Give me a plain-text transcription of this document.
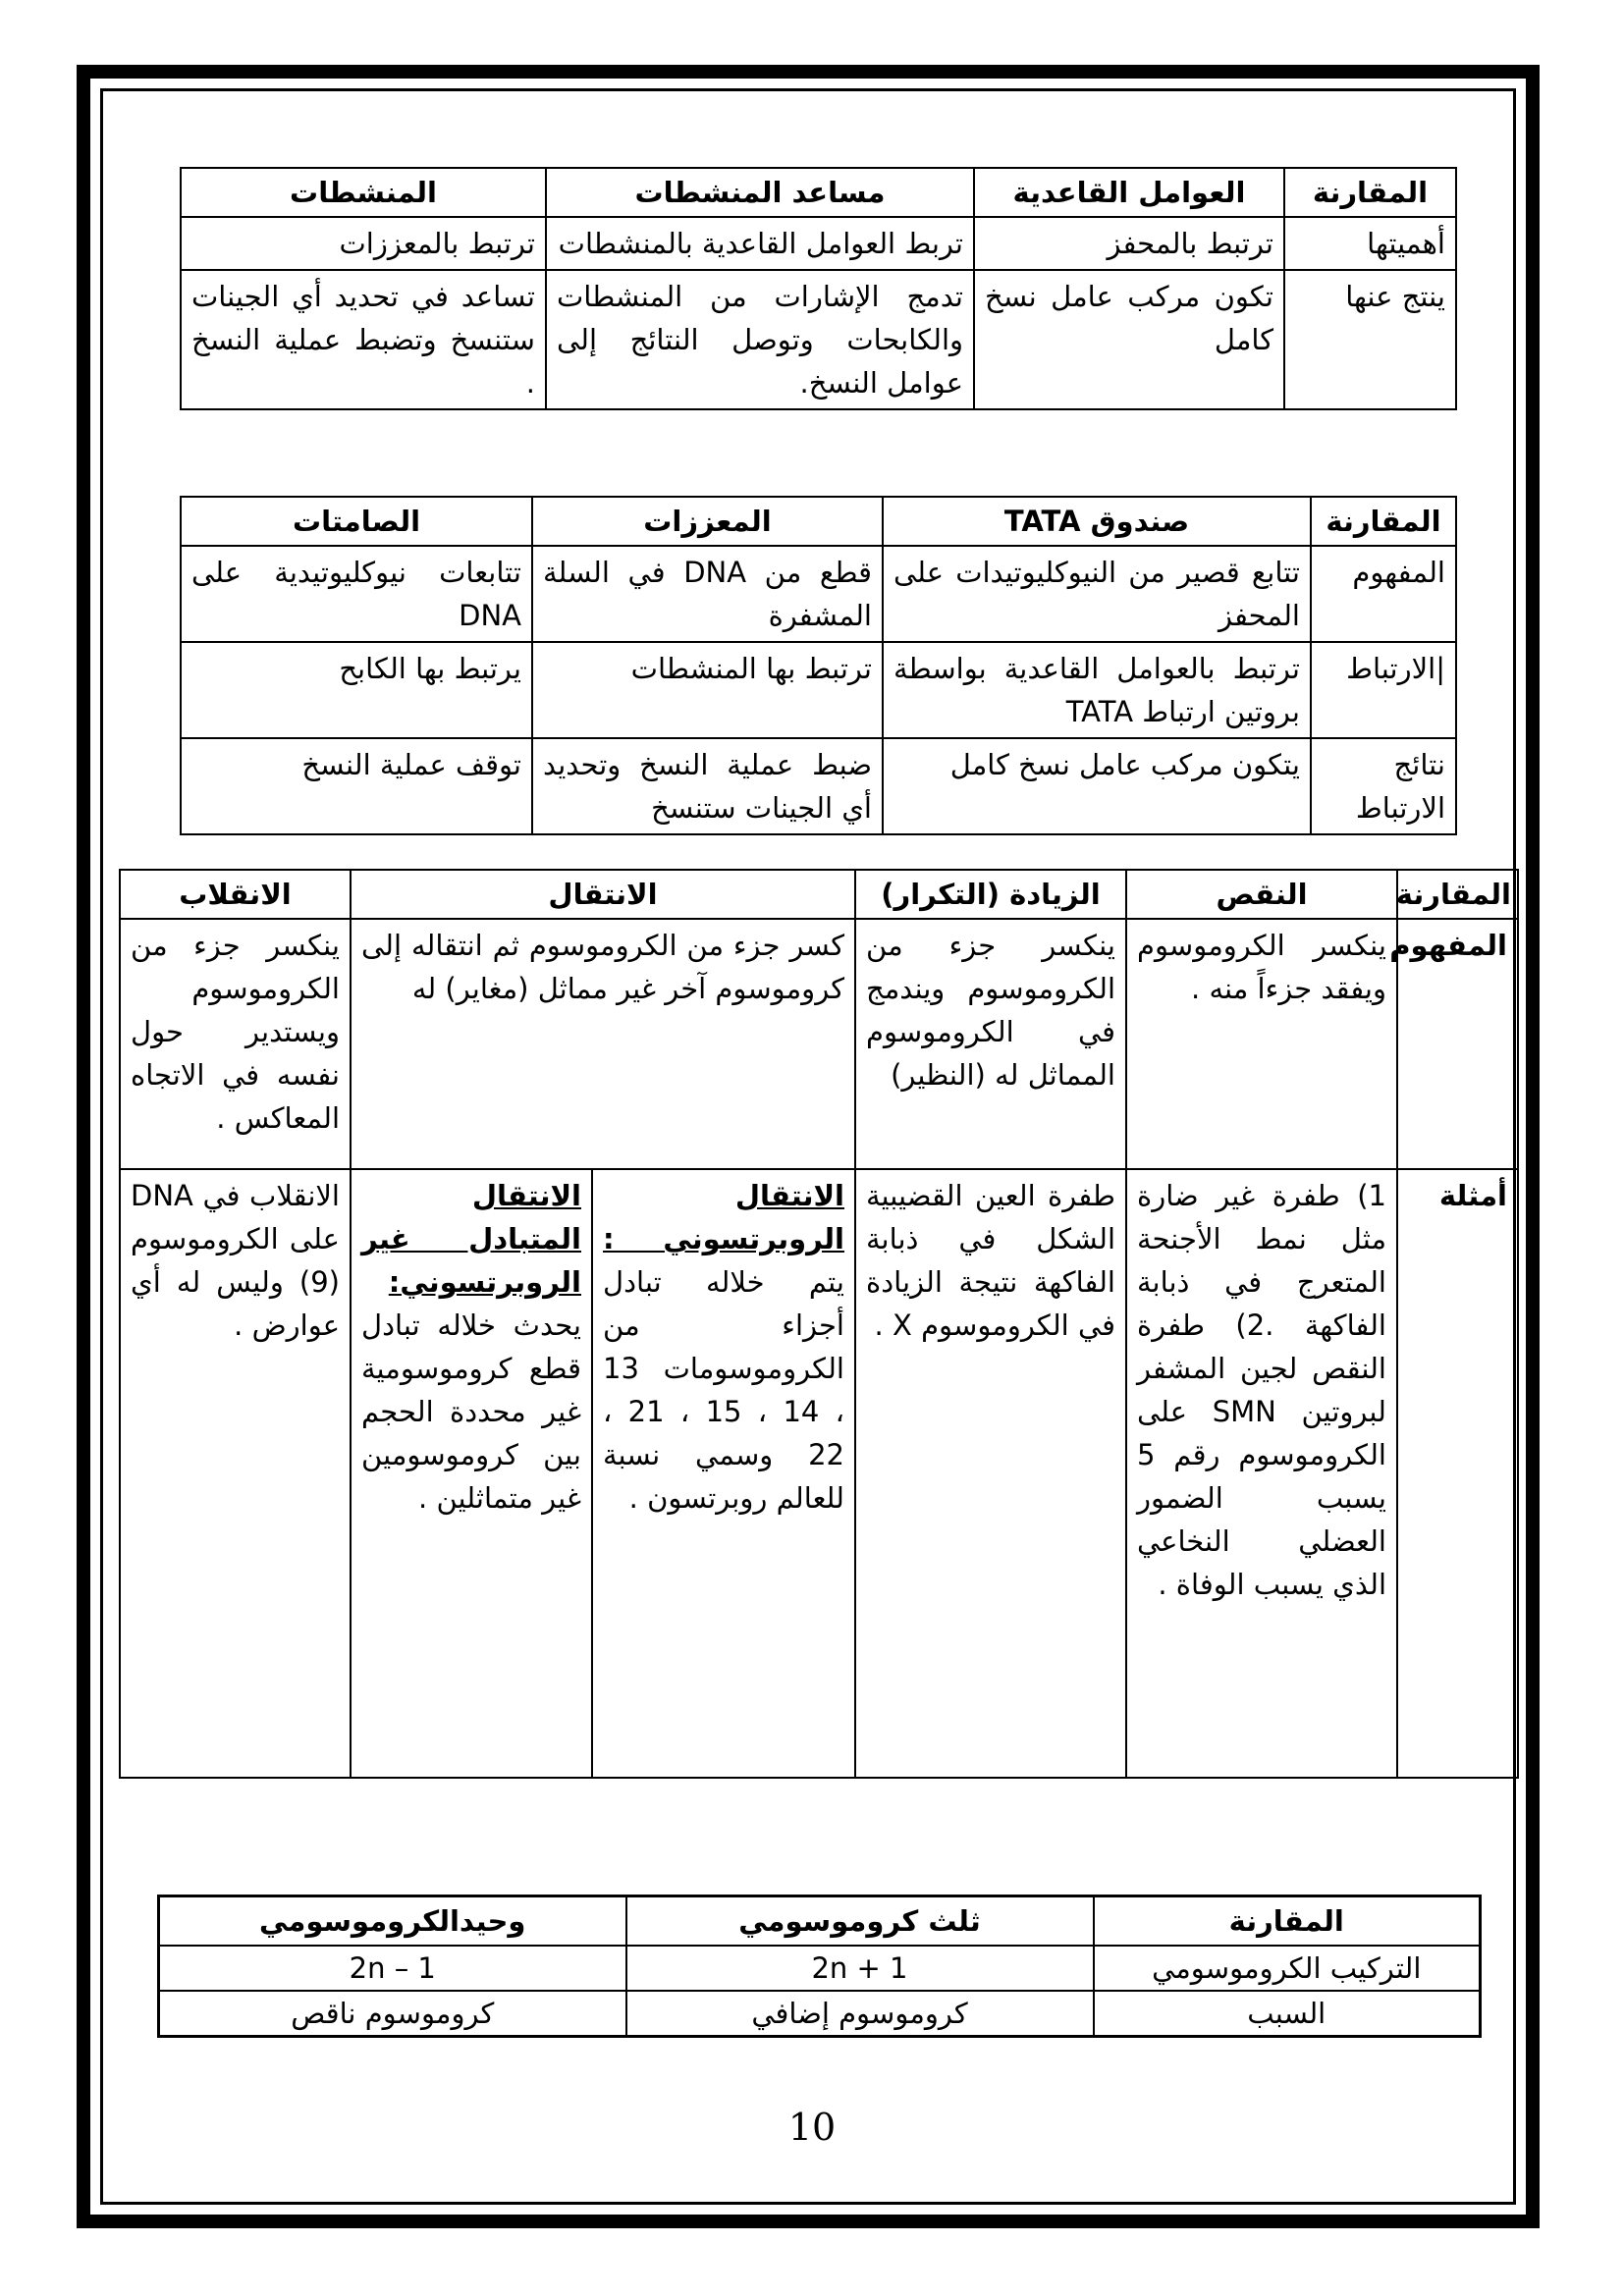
المقارنة	العوامل القاعدية	مساعد المنشطات	المنشطات
أهميتها	ترتبط بالمحفز	تربط العوامل القاعدية بالمنشطات	ترتبط بالمعززات
ينتج عنها	تكون مركب عامل نسخ كامل	تدمج الإشارات من المنشطات والكابحات وتوصل النتائج إلى عوامل النسخ.	تساعد في تحديد أي الجينات ستنسخ وتضبط عملية النسخ .
المقارنة	صندوق TATA	المعززات	الصامتات
المفهوم	تتابع قصير من النيوكليوتيدات على المحفز	قطع من DNA في السلة المشفرة	تتابعات نيوكليوتيدية على DNA
|الارتباط	ترتبط بالعوامل القاعدية بواسطة بروتين ارتباط TATA	ترتبط بها المنشطات	يرتبط بها الكابح
نتائج الارتباط	يتكون مركب عامل نسخ كامل	ضبط عملية النسخ وتحديد أي الجينات ستنسخ	توقف عملية النسخ
المقارنة	النقص	الزيادة (التكرار)	الانتقال		الانقلاب
المفهوم	ينكسر الكروموسوم ويفقد جزءاً منه .	ينكسر جزء من الكروموسوم ويندمج في الكروموسوم المماثل له (النظير)	كسر جزء من الكروموسوم ثم انتقاله إلى كروموسوم آخر غير مماثل (مغاير) له		ينكسر جزء من الكروموسوم ويستدير حول نفسه في الاتجاه المعاكس .
أمثلة	1) طفرة غير ضارة مثل نمط الأجنحة المتعرج في ذبابة الفاكهة .2) طفرة النقص لجين المشفر لبروتين SMN على الكروموسوم رقم 5 يسبب الضمور العضلي النخاعي الذي يسبب الوفاة .	طفرة العين القضيبية الشكل في ذبابة الفاكهة نتيجة الزيادة في الكروموسوم X .	الانتقال الروبرتسوني : يتم خلاله تبادل أجزاء من الكروموسومات 13 ، 14 ، 15 ، 21 ، 22 وسمي نسبة للعالم روبرتسون .	الانتقال المتبادل غير الروبرتسوني: يحدث خلاله تبادل قطع كروموسومية غير محددة الحجم بين كروموسومين غير متماثلين .	الانقلاب في DNA على الكروموسوم (9) وليس له أي عوارض .
المقارنة	ثلث كروموسومي	وحيدالكروموسومي
التركيب الكروموسومي	2n + 1	2n – 1
السبب	كروموسوم إضافي	كروموسوم ناقص
10
